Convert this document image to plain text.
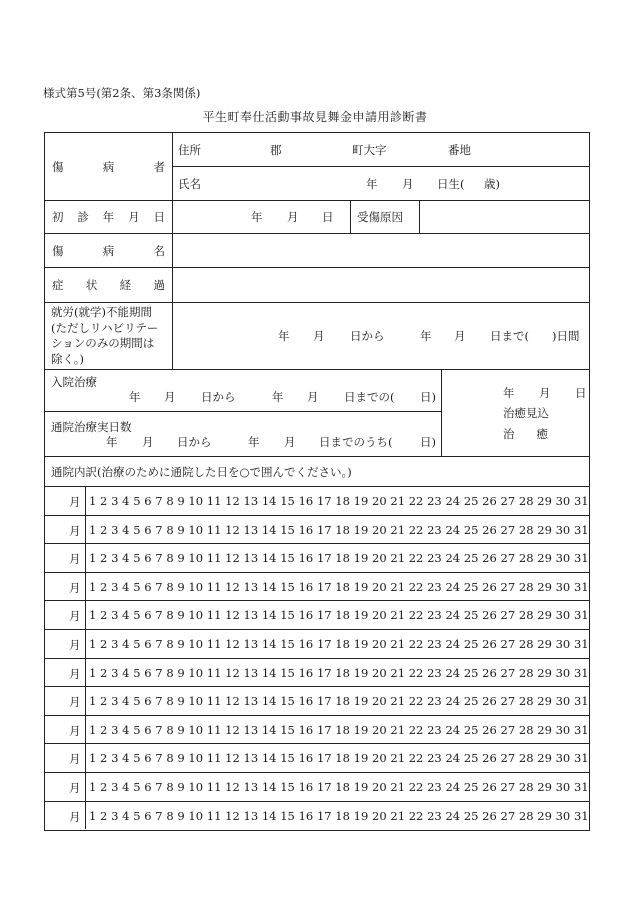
様式第5号(第2条、第3条関係)
平生町奉仕活動事故見舞金申請用診断書
傷	病	者
住所	郡	町大字	番地
氏名	年 月 日生( 歳)
初 診 年 月 日	年 月 日 受傷原因
傷	病	名
症 状 経 過
就労(就学)不能期間
(ただしリハビリテー
ションのみの期間は
除く。)
年 月 日から	年 月 日まで( )日間
入院治療
年 月 日から	年 月 日までの( 日)
通院治療実日数
年 月 日から	年 月 日までのうち( 日)
年 月 日
治癒見込
治 癒
通院内訳(治療のために通院した日を○で囲んでください。)
月 1 2 3 4 5 6 7 8 9 10 11 12 13 14 15 16 17 18 19 20 21 22 23 24 25 26 27 28 29 30 31
月 1 2 3 4 5 6 7 8 9 10 11 12 13 14 15 16 17 18 19 20 21 22 23 24 25 26 27 28 29 30 31
月 1 2 3 4 5 6 7 8 9 10 11 12 13 14 15 16 17 18 19 20 21 22 23 24 25 26 27 28 29 30 31
月 1 2 3 4 5 6 7 8 9 10 11 12 13 14 15 16 17 18 19 20 21 22 23 24 25 26 27 28 29 30 31
月 1 2 3 4 5 6 7 8 9 10 11 12 13 14 15 16 17 18 19 20 21 22 23 24 25 26 27 28 29 30 31
月 1 2 3 4 5 6 7 8 9 10 11 12 13 14 15 16 17 18 19 20 21 22 23 24 25 26 27 28 29 30 31
月 1 2 3 4 5 6 7 8 9 10 11 12 13 14 15 16 17 18 19 20 21 22 23 24 25 26 27 28 29 30 31
月 1 2 3 4 5 6 7 8 9 10 11 12 13 14 15 16 17 18 19 20 21 22 23 24 25 26 27 28 29 30 31
月 1 2 3 4 5 6 7 8 9 10 11 12 13 14 15 16 17 18 19 20 21 22 23 24 25 26 27 28 29 30 31
月 1 2 3 4 5 6 7 8 9 10 11 12 13 14 15 16 17 18 19 20 21 22 23 24 25 26 27 28 29 30 31
月 1 2 3 4 5 6 7 8 9 10 11 12 13 14 15 16 17 18 19 20 21 22 23 24 25 26 27 28 29 30 31
月 1 2 3 4 5 6 7 8 9 10 11 12 13 14 15 16 17 18 19 20 21 22 23 24 25 26 27 28 29 30 31
